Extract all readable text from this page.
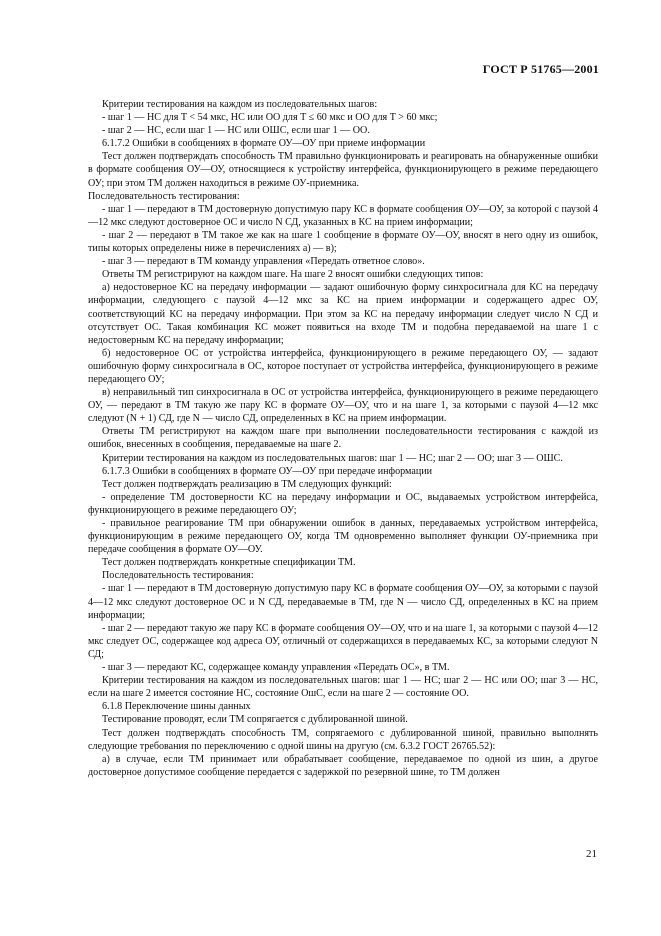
ГОСТ Р 51765—2001

Критерии тестирования на каждом из последовательных шагов:

- шаг 1 — НС для T < 54 мкс, НС или ОО для T ≤ 60 мкс и ОО для T > 60 мкс;

- шаг 2 — НС, если шаг 1 — НС или ОШС, если шаг 1 — ОО.

6.1.7.2 Ошибки в сообщениях в формате ОУ—ОУ при приеме информации

Тест должен подтверждать способность ТМ правильно функционировать и реагировать на обнаруженные ошибки в формате сообщения ОУ—ОУ, относящиеся к устройству интерфейса, функционирующего в режиме передающего ОУ; при этом ТМ должен находиться в режиме ОУ-приемника.

Последовательность тестирования:

- шаг 1 — передают в ТМ достоверную допустимую пару КС в формате сообщения ОУ—ОУ, за которой с паузой 4—12 мкс следуют достоверное ОС и число N СД, указанных в КС на прием информации;

- шаг 2 — передают в ТМ такое же как на шаге 1 сообщение в формате ОУ—ОУ, вносят в него одну из ошибок, типы которых определены ниже в перечислениях а) — в);

- шаг 3 — передают в ТМ команду управления «Передать ответное слово».

Ответы ТМ регистрируют на каждом шаге. На шаге 2 вносят ошибки следующих типов:

а) недостоверное КС на передачу информации — задают ошибочную форму синхросигнала для КС на передачу информации, следующего с паузой 4—12 мкс за КС на прием информации и содержащего адрес ОУ, соответствующий КС на передачу информации. При этом за КС на передачу информации следует число N СД и отсутствует ОС. Такая комбинация КС может появиться на входе ТМ и подобна передаваемой на шаге 1 с недостоверным КС на передачу информации;

б) недостоверное ОС от устройства интерфейса, функционирующего в режиме передающего ОУ, — задают ошибочную форму синхросигнала в ОС, которое поступает от устройства интерфейса, функционирующего в режиме передающего ОУ;

в) неправильный тип синхросигнала в ОС от устройства интерфейса, функционирующего в режиме передающего ОУ, — передают в ТМ такую же пару КС в формате ОУ—ОУ, что и на шаге 1, за которыми с паузой 4—12 мкс следуют (N + 1) СД, где N — число СД, определенных в КС на прием информации.

Ответы ТМ регистрируют на каждом шаге при выполнении последовательности тестирования с каждой из ошибок, внесенных в сообщения, передаваемые на шаге 2.

Критерии тестирования на каждом из последовательных шагов: шаг 1 — НС; шаг 2 — ОО; шаг 3 — ОШС.

6.1.7.3 Ошибки в сообщениях в формате ОУ—ОУ при передаче информации

Тест должен подтверждать реализацию в ТМ следующих функций:

- определение ТМ достоверности КС на передачу информации и ОС, выдаваемых устройством интерфейса, функционирующего в режиме передающего ОУ;

- правильное реагирование ТМ при обнаружении ошибок в данных, передаваемых устройством интерфейса, функционирующим в режиме передающего ОУ, когда ТМ одновременно выполняет функции ОУ-приемника при передаче сообщения в формате ОУ—ОУ.

Тест должен подтверждать конкретные спецификации ТМ.

Последовательность тестирования:

- шаг 1 — передают в ТМ достоверную допустимую пару КС в формате сообщения ОУ—ОУ, за которыми с паузой 4—12 мкс следуют достоверное ОС и N СД, передаваемые в ТМ, где N — число СД, определенных в КС на прием информации;

- шаг 2 — передают такую же пару КС в формате сообщения ОУ—ОУ, что и на шаге 1, за которыми с паузой 4—12 мкс следует ОС, содержащее код адреса ОУ, отличный от содержащихся в передаваемых КС, за которыми следуют N СД;

- шаг 3 — передают КС, содержащее команду управления «Передать ОС», в ТМ.

Критерии тестирования на каждом из последовательных шагов: шаг 1 — НС; шаг 2 — НС или ОО; шаг 3 — НС, если на шаге 2 имеется состояние НС, состояние ОшС, если на шаге 2 — состояние ОО.

6.1.8 Переключение шины данных

Тестирование проводят, если ТМ сопрягается с дублированной шиной.

Тест должен подтверждать способность ТМ, сопрягаемого с дублированной шиной, правильно выполнять следующие требования по переключению с одной шины на другую (см. 6.3.2 ГОСТ 26765.52):

а) в случае, если ТМ принимает или обрабатывает сообщение, передаваемое по одной из шин, а другое достоверное допустимое сообщение передается с задержкой по резервной шине, то ТМ должен

21
